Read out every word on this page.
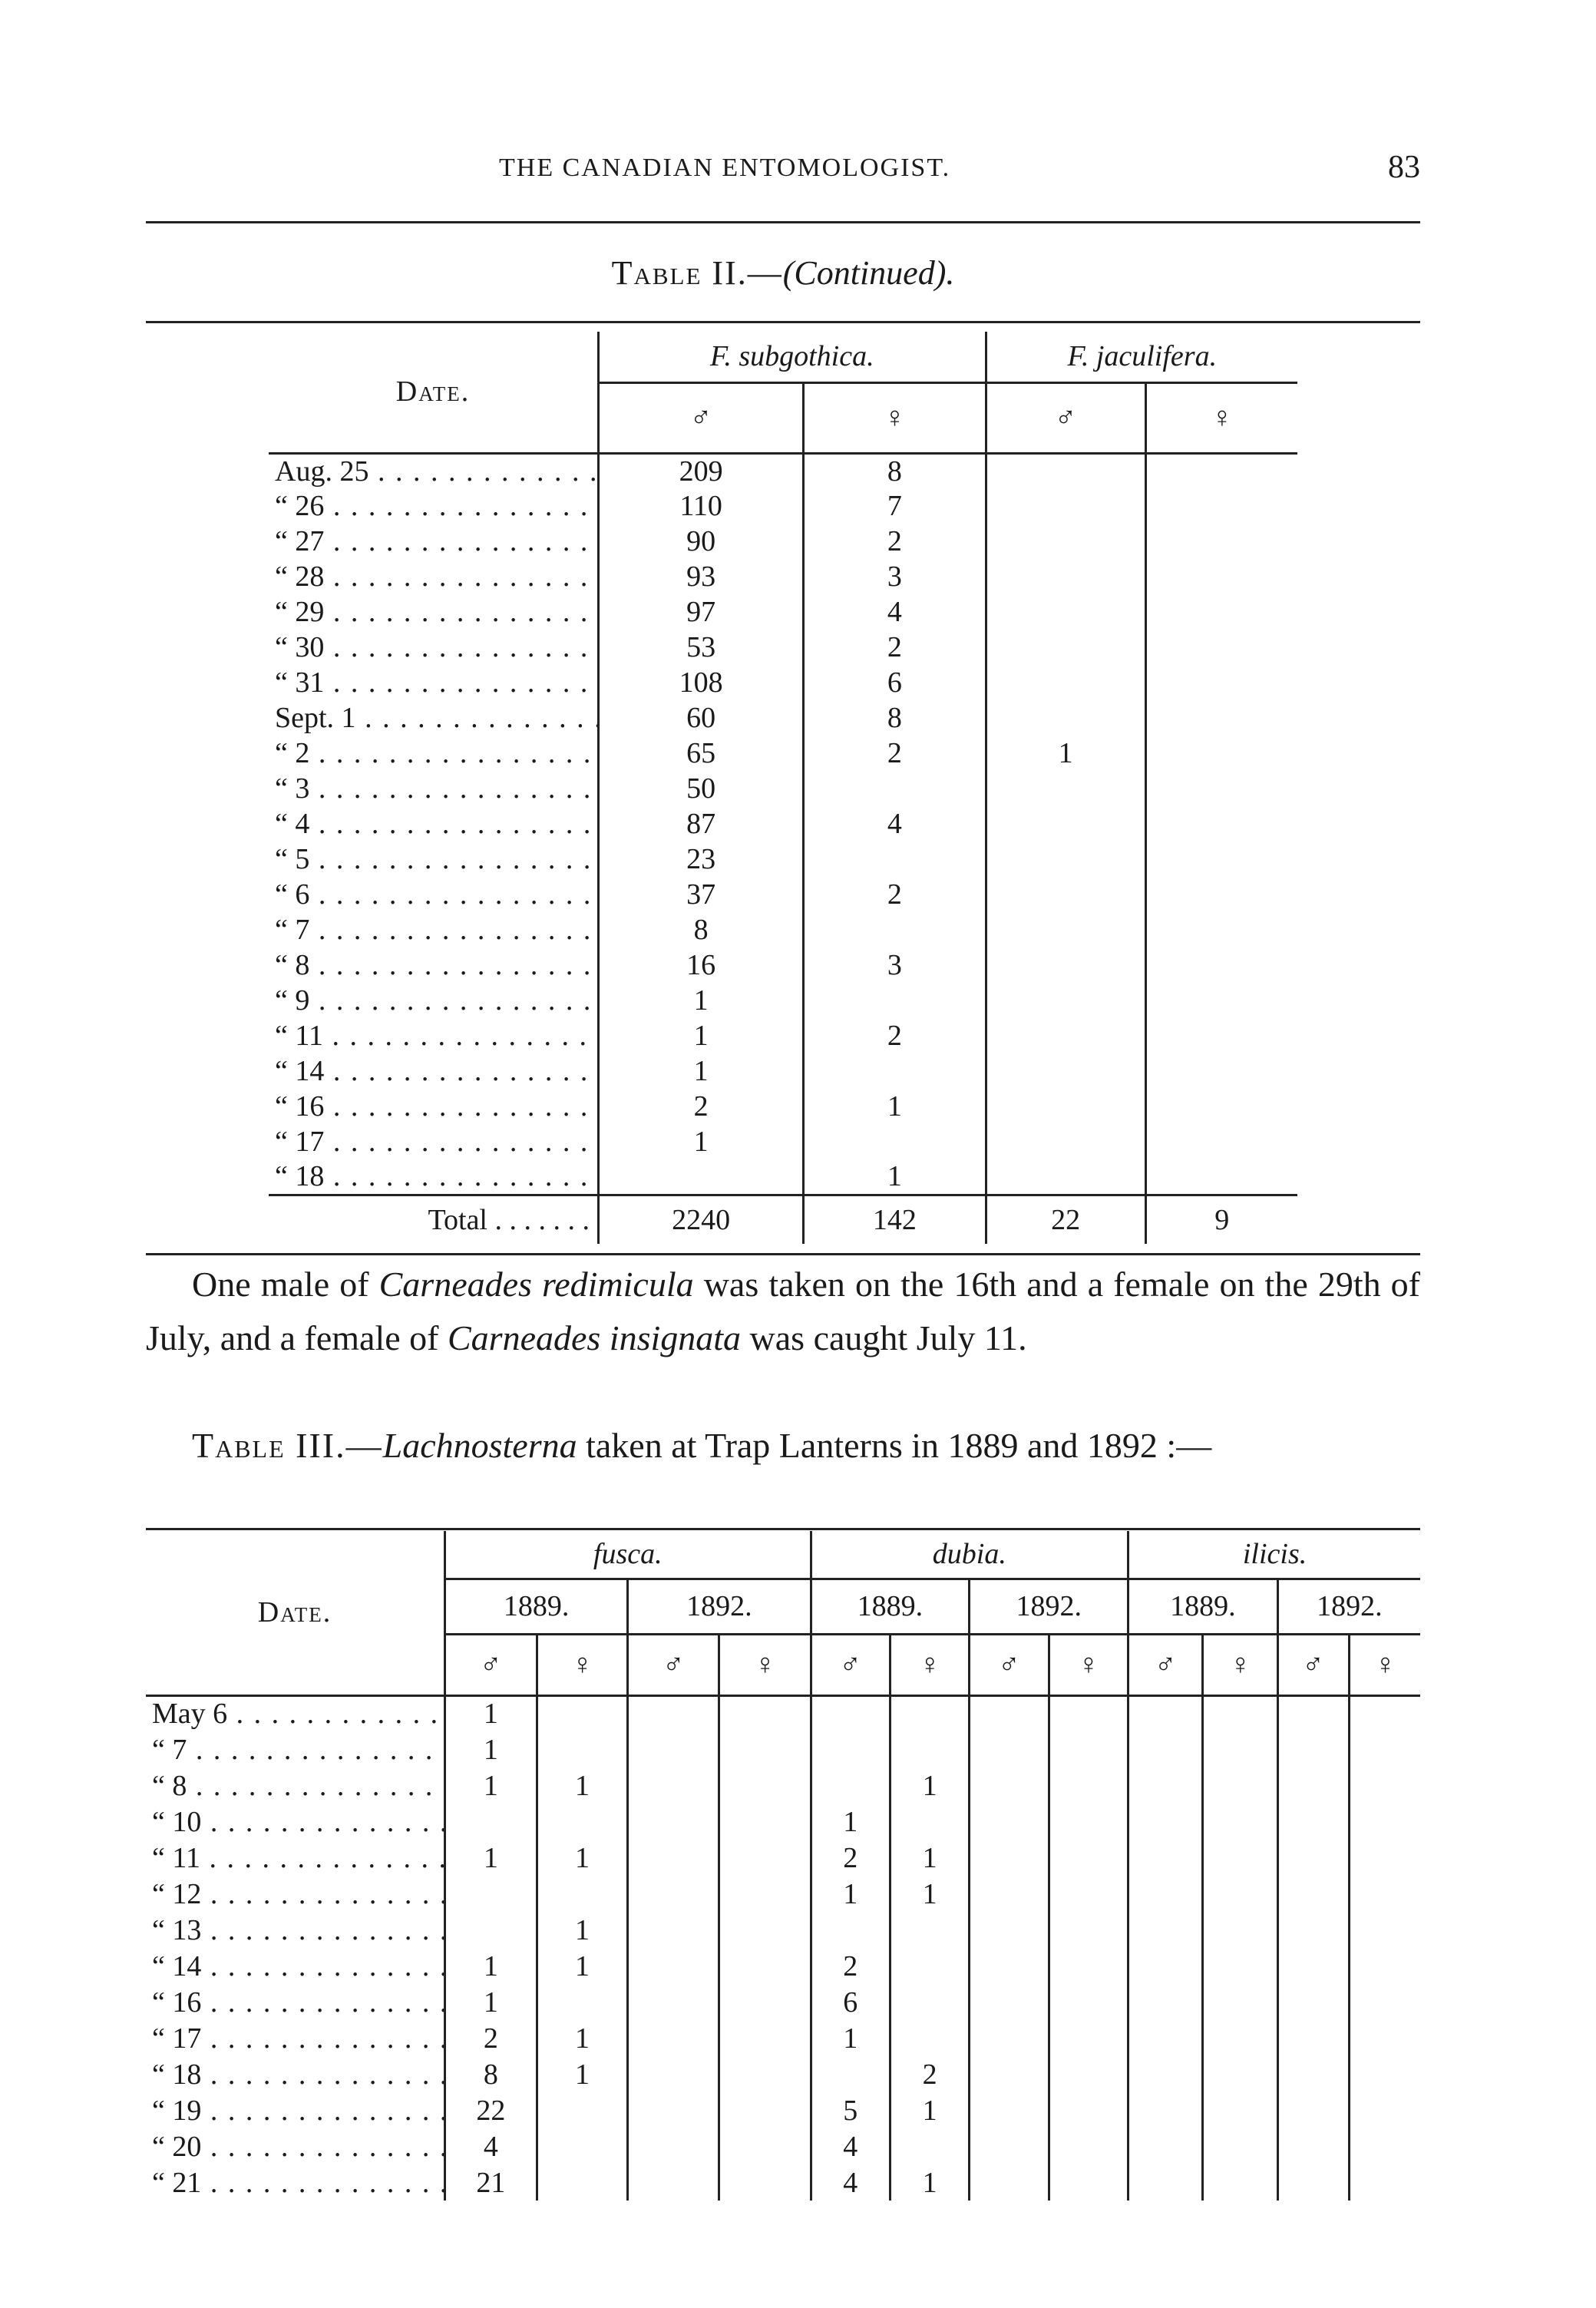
THE CANADIAN ENTOMOLOGIST.	83
Table II.—(Continued).
Date.	F. subgothica.		F. jaculifera.	
	♂	♀	♂	♀
Aug. 25 . . .	209	8		
“ 26 . . .	110	7		
“ 27 . . .	90	2		
“ 28 . . .	93	3		
“ 29 . . .	97	4		
“ 30 . . .	53	2		
“ 31 . . .	108	6		
Sept. 1 . . .	60	8		
“ 2 . . .	65	2	1	
“ 3 . . .	50			
“ 4 . . .	87	4		
“ 5 . . .	23			
“ 6 . . .	37	2		
“ 7 . . .	8			
“ 8 . . .	16	3		
“ 9 . . .	1			
“ 11 . . .	1	2		
“ 14 . . .	1			
“ 16 . . .	2	1		
“ 17 . . .	1			
“ 18 . . .		1		
Total . . . . . . .	2240	142	22	9

One male of Carneades redimicula was taken on the 16th and a female on the 29th of July, and a female of Carneades insignata was caught July 11.

Table III.—Lachnosterna taken at Trap Lanterns in 1889 and 1892 :—

Date.	fusca.				dubia.				ilicis.			
	1889.		1892.		1889.		1892.		1889.		1892.	
	♂	♀	♂	♀	♂	♀	♂	♀	♂	♀	♂	♀
May 6 . . .	1											
“ 7 . . .	1											
“ 8 . . .	1	1				1						
“ 10 . . .					1							
“ 11 . . .	1	1			2	1						
“ 12 . . .					1	1						
“ 13 . . .		1										
“ 14 . . .	1	1			2							
“ 16 . . .	1				6							
“ 17 . . .	2	1			1							
“ 18 . . .	8	1				2						
“ 19 . . .	22				5	1						
“ 20 . . .	4				4							
“ 21 . . .	21				4	1						
